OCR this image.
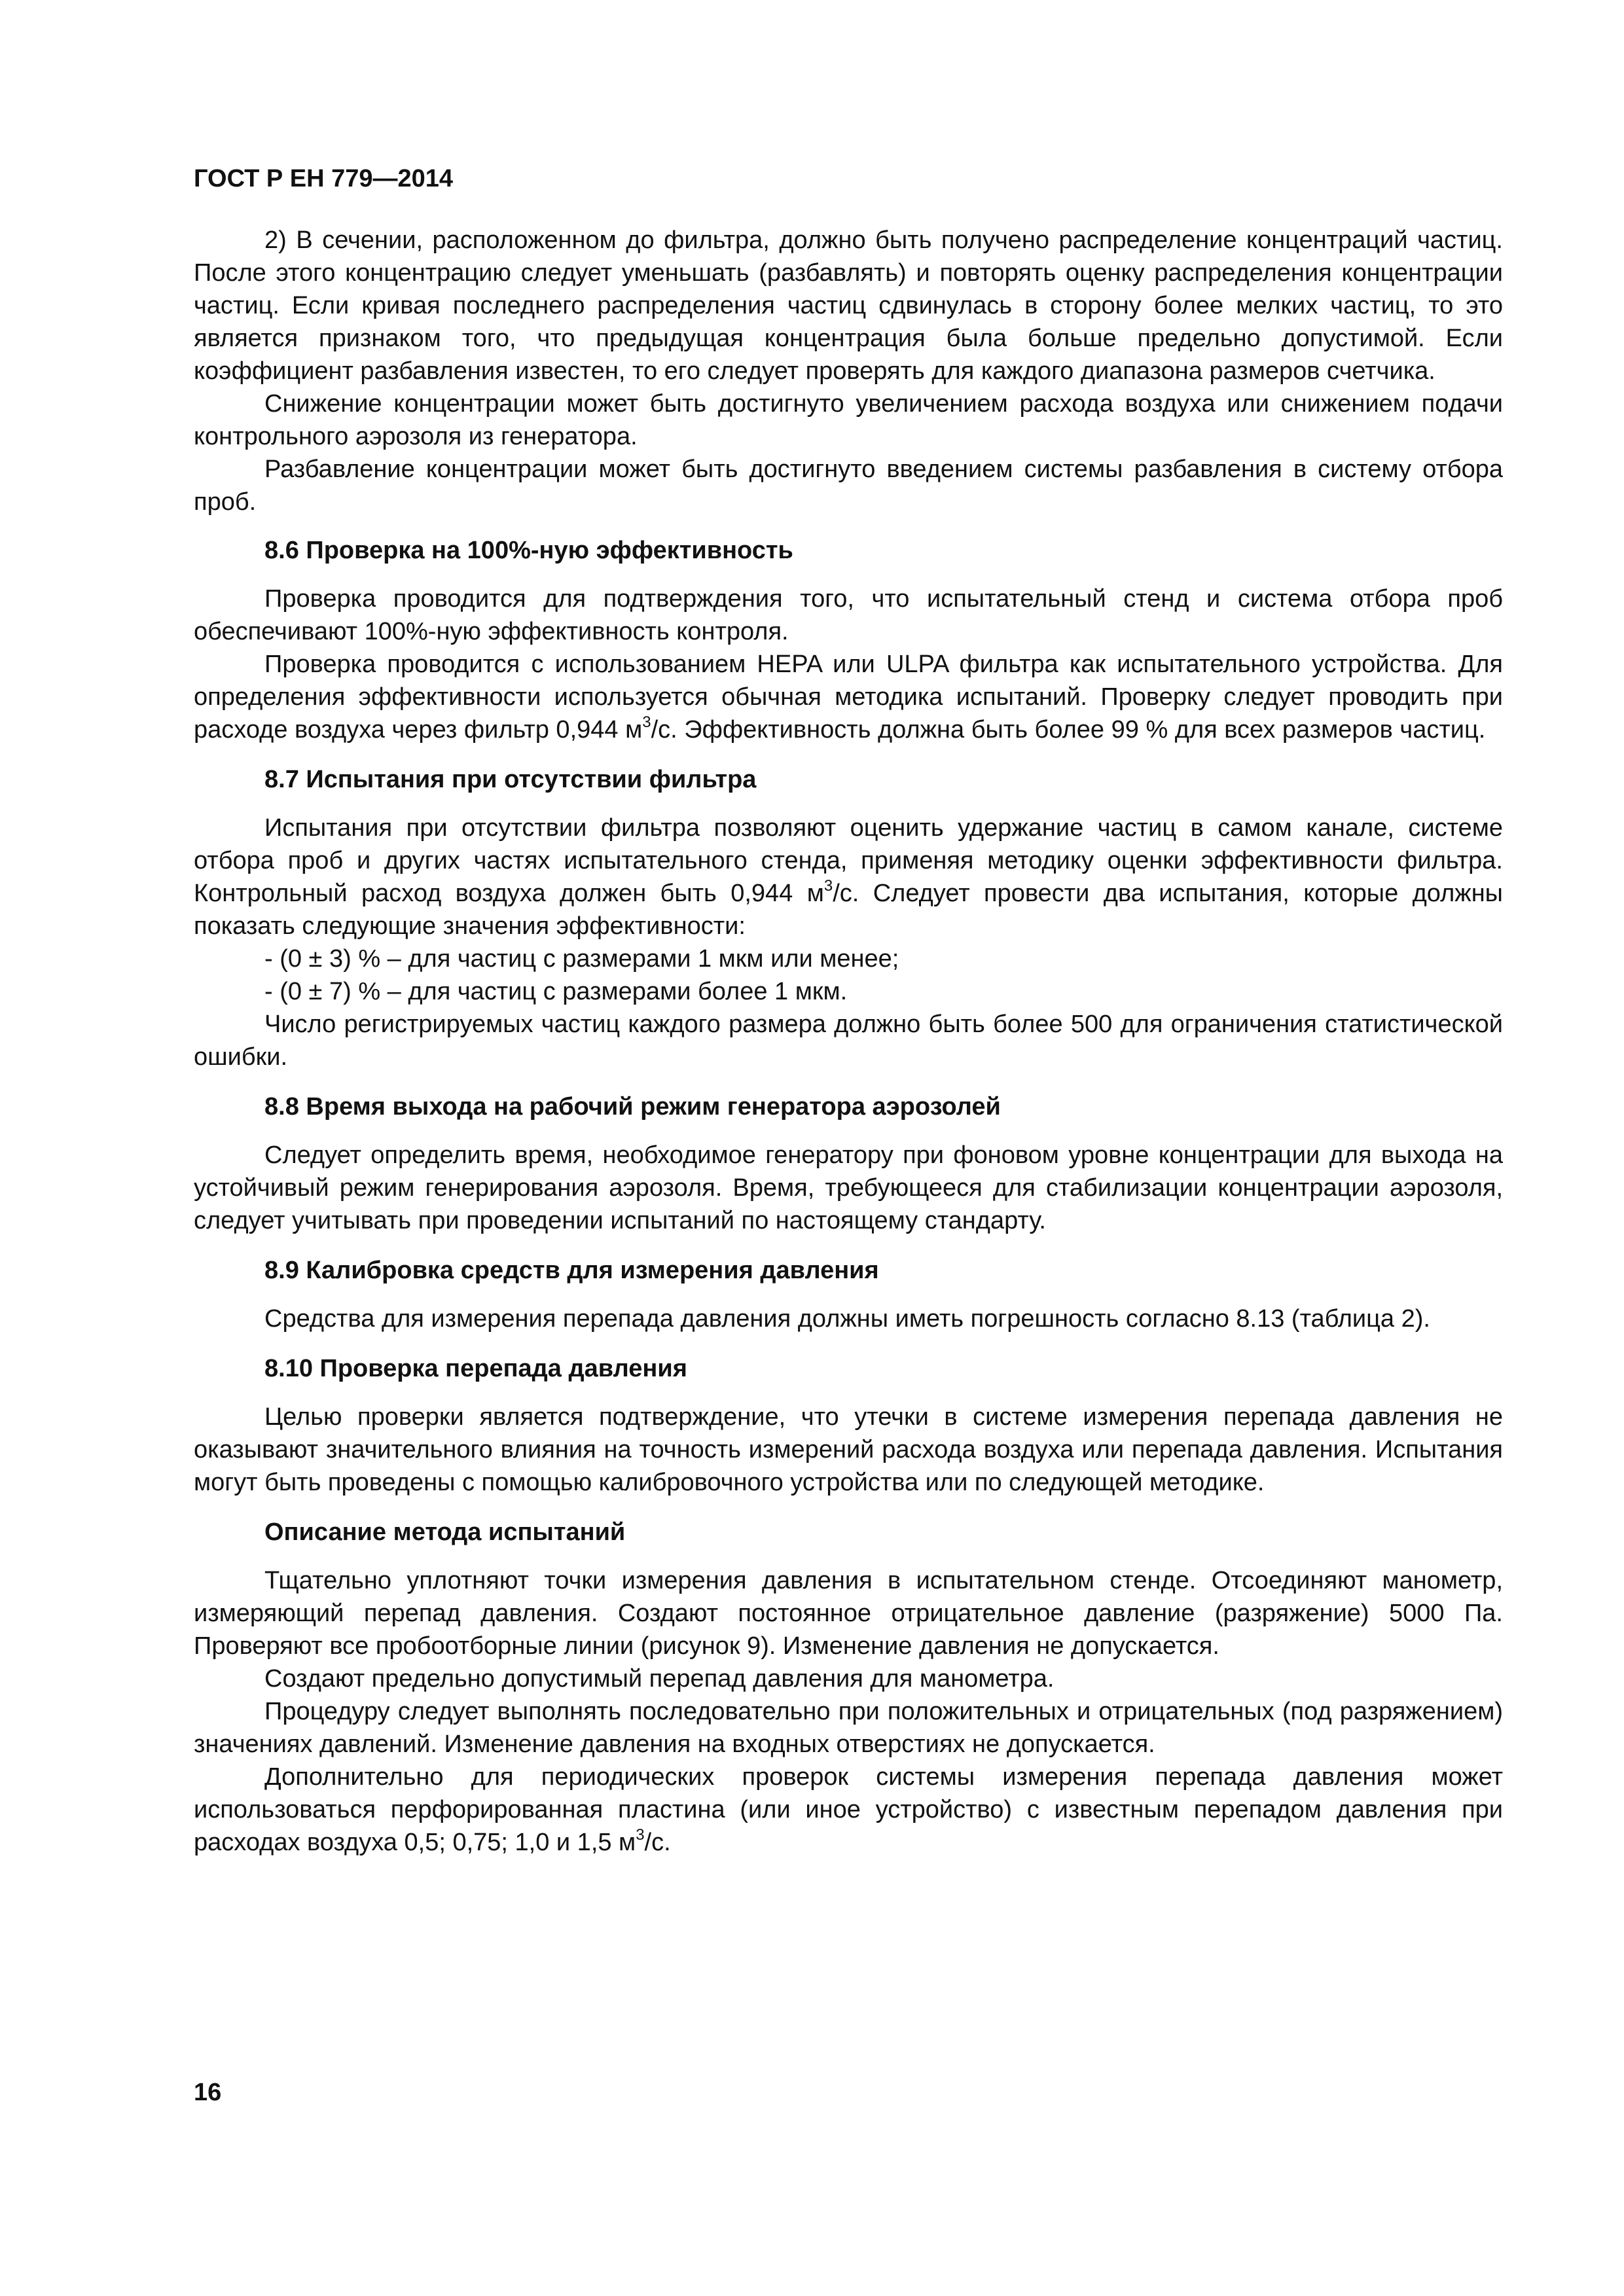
ГОСТ Р ЕН 779—2014

2) В сечении, расположенном до фильтра, должно быть получено распределение концентраций частиц. После этого концентрацию следует уменьшать (разбавлять) и повторять оценку распределения концентрации частиц. Если кривая последнего распределения частиц сдвинулась в сторону более мелких частиц, то это является признаком того, что предыдущая концентрация была больше предельно допустимой. Если коэффициент разбавления известен, то его следует проверять для каждого диапазона размеров счетчика.

Снижение концентрации может быть достигнуто увеличением расхода воздуха или снижением подачи контрольного аэрозоля из генератора.

Разбавление концентрации может быть достигнуто введением системы разбавления в систему отбора проб.

8.6 Проверка на 100%-ную эффективность

Проверка проводится для подтверждения того, что испытательный стенд и система отбора проб обеспечивают 100%-ную эффективность контроля.

Проверка проводится с использованием HEPA или ULPA фильтра как испытательного устройства. Для определения эффективности используется обычная методика испытаний. Проверку следует проводить при расходе воздуха через фильтр 0,944 $м^3/с$. Эффективность должна быть более 99 % для всех размеров частиц.

8.7 Испытания при отсутствии фильтра

Испытания при отсутствии фильтра позволяют оценить удержание частиц в самом канале, системе отбора проб и других частях испытательного стенда, применяя методику оценки эффективности фильтра. Контрольный расход воздуха должен быть 0,944 $м^3/с$. Следует провести два испытания, которые должны показать следующие значения эффективности:

- (0 ± 3) % – для частиц с размерами 1 мкм или менее;

- (0 ± 7) % – для частиц с размерами более 1 мкм.

Число регистрируемых частиц каждого размера должно быть более 500 для ограничения статистической ошибки.

8.8 Время выхода на рабочий режим генератора аэрозолей

Следует определить время, необходимое генератору при фоновом уровне концентрации для выхода на устойчивый режим генерирования аэрозоля. Время, требующееся для стабилизации концентрации аэрозоля, следует учитывать при проведении испытаний по настоящему стандарту.

8.9 Калибровка средств для измерения давления

Средства для измерения перепада давления должны иметь погрешность согласно 8.13 (таблица 2).

8.10 Проверка перепада давления

Целью проверки является подтверждение, что утечки в системе измерения перепада давления не оказывают значительного влияния на точность измерений расхода воздуха или перепада давления. Испытания могут быть проведены с помощью калибровочного устройства или по следующей методике.

Описание метода испытаний

Тщательно уплотняют точки измерения давления в испытательном стенде. Отсоединяют манометр, измеряющий перепад давления. Создают постоянное отрицательное давление (разряжение) 5000 Па. Проверяют все пробоотборные линии (рисунок 9). Изменение давления не допускается.

Создают предельно допустимый перепад давления для манометра.

Процедуру следует выполнять последовательно при положительных и отрицательных (под разряжением) значениях давлений. Изменение давления на входных отверстиях не допускается.

Дополнительно для периодических проверок системы измерения перепада давления может использоваться перфорированная пластина (или иное устройство) с известным перепадом давления при расходах воздуха 0,5; 0,75; 1,0 и 1,5 $м^3/с$.

16
